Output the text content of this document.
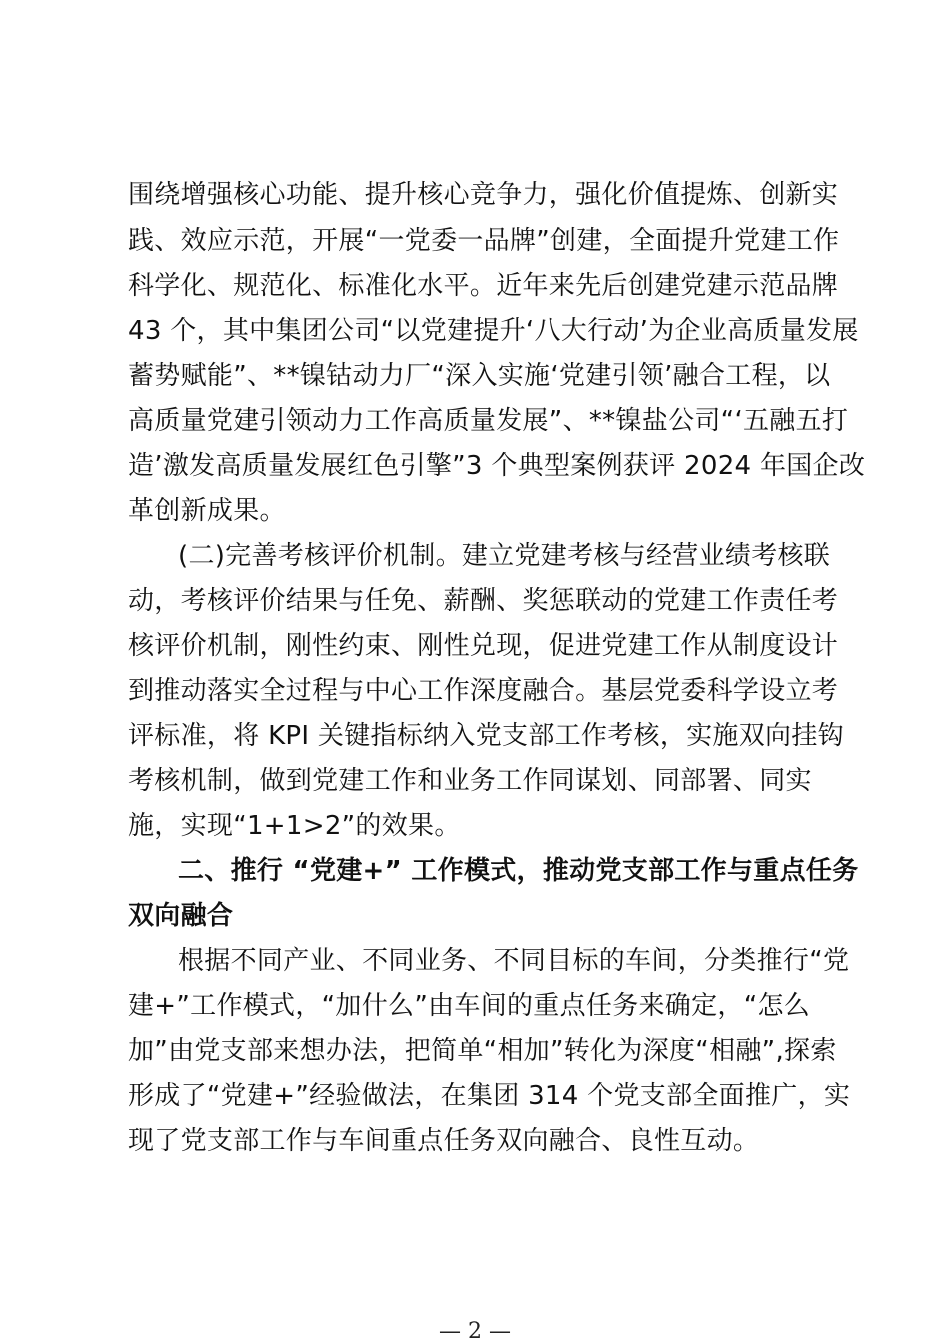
围绕增强核心功能、提升核心竞争力，强化价值提炼、创新实
践、效应示范，开展“一党委一品牌”创建，全面提升党建工作
科学化、规范化、标准化水平。近年来先后创建党建示范品牌
43 个，其中集团公司“以党建提升‘八大行动’为企业高质量发展
蓄势赋能”、**镍钴动力厂“深入实施‘党建引领’融合工程，以
高质量党建引领动力工作高质量发展”、**镍盐公司“‘五融五打
造’激发高质量发展红色引擎”3 个典型案例获评 2024 年国企改
革创新成果。
(二)完善考核评价机制。建立党建考核与经营业绩考核联
动，考核评价结果与任免、薪酬、奖惩联动的党建工作责任考
核评价机制，刚性约束、刚性兑现，促进党建工作从制度设计
到推动落实全过程与中心工作深度融合。基层党委科学设立考
评标准，将 KPI 关键指标纳入党支部工作考核，实施双向挂钩
考核机制，做到党建工作和业务工作同谋划、同部署、同实
施，实现“1+1>2”的效果。
二、推行 “党建+” 工作模式，推动党支部工作与重点任务
双向融合
根据不同产业、不同业务、不同目标的车间，分类推行“党
建+”工作模式，“加什么”由车间的重点任务来确定，“怎么
加”由党支部来想办法，把简单“相加”转化为深度“相融”,探索
形成了“党建+”经验做法，在集团 314 个党支部全面推广，实
现了党支部工作与车间重点任务双向融合、良性互动。
— 2 —
